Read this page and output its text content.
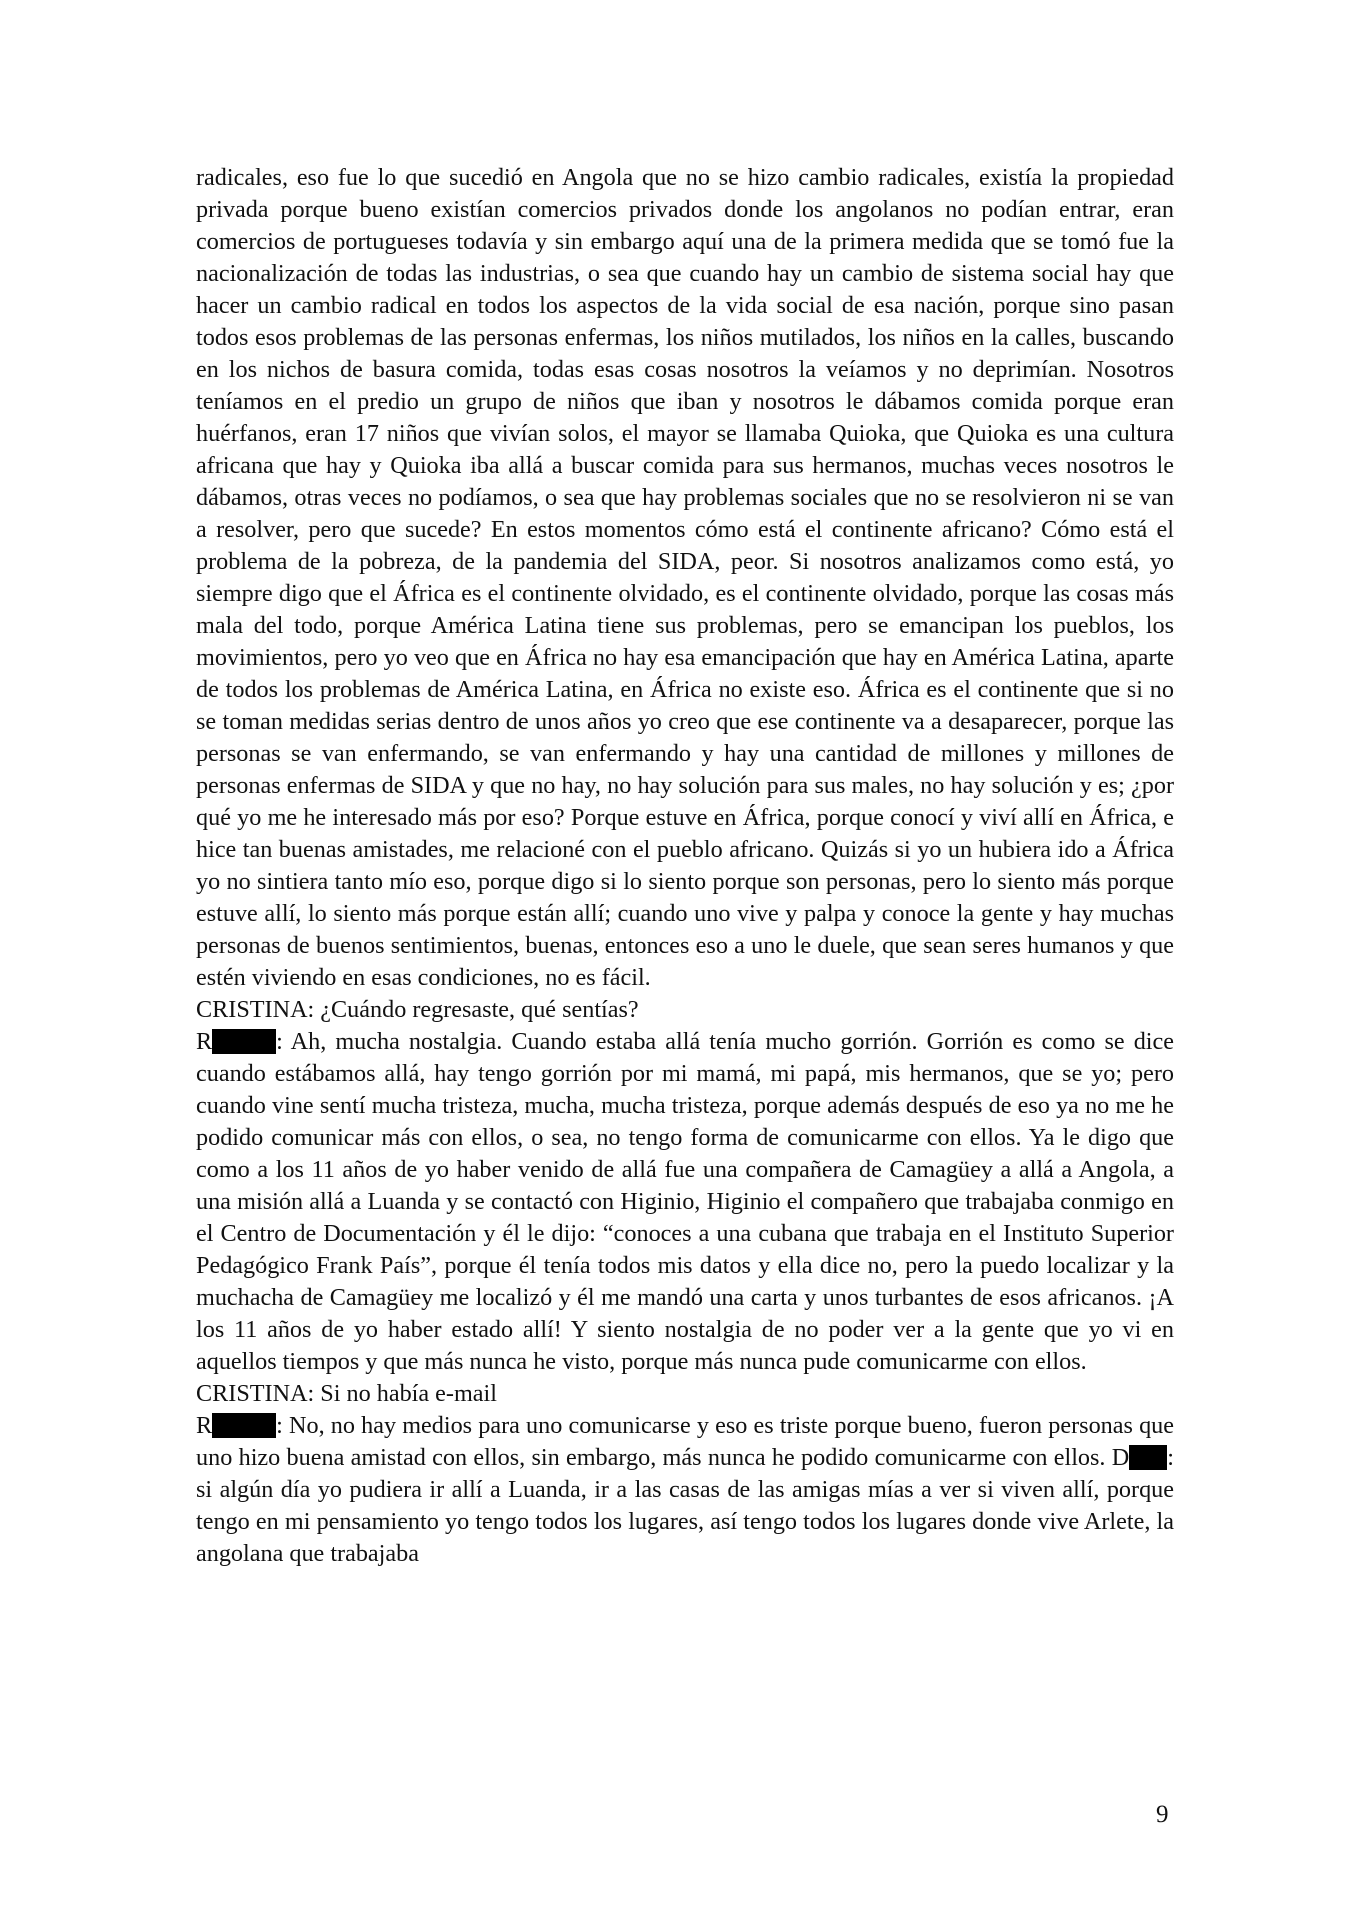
radicales, eso fue lo que sucedió en Angola que no se hizo cambio radicales, existía la propiedad privada porque bueno existían comercios privados donde los angolanos no podían entrar, eran comercios de portugueses todavía y sin embargo aquí una de la primera medida que se tomó fue la nacionalización de todas las industrias, o sea que cuando hay un cambio de sistema social hay que hacer un cambio radical en todos los aspectos de la vida social de esa nación, porque sino pasan todos esos problemas de las personas enfermas, los niños mutilados, los niños en la calles, buscando en los nichos de basura comida, todas esas cosas nosotros la veíamos y no deprimían. Nosotros teníamos en el predio un grupo de niños que iban y nosotros le dábamos comida porque eran huérfanos, eran 17 niños que vivían solos, el mayor se llamaba Quioka, que Quioka es una cultura africana que hay y Quioka iba allá a buscar comida para sus hermanos, muchas veces nosotros le dábamos, otras veces no podíamos, o sea que hay problemas sociales que no se resolvieron ni se van a resolver, pero que sucede? En estos momentos cómo está el continente africano? Cómo está el problema de la pobreza, de la pandemia del SIDA, peor. Si nosotros analizamos como está, yo siempre digo que el África es el continente olvidado, es el continente olvidado, porque las cosas más mala del todo, porque América Latina tiene sus problemas, pero se emancipan los pueblos, los movimientos, pero yo veo que en África no hay esa emancipación que hay en América Latina, aparte de todos los problemas de América Latina, en África no existe eso. África es el continente que si no se toman medidas serias dentro de unos años yo creo que ese continente va a desaparecer, porque las personas se van enfermando, se van enfermando y hay una cantidad de millones y millones de personas enfermas de SIDA y que no hay, no hay solución para sus males, no hay solución y es; ¿por qué yo me he interesado más por eso? Porque estuve en África, porque conocí y viví allí en África, e hice tan buenas amistades, me relacioné con el pueblo africano. Quizás si yo un hubiera ido a África yo no sintiera tanto mío eso, porque digo si lo siento porque son personas, pero lo siento más porque estuve allí, lo siento más porque están allí; cuando uno vive y palpa y conoce la gente y hay muchas personas de buenos sentimientos, buenas, entonces eso a uno le duele, que sean seres humanos y que estén viviendo en esas condiciones, no es fácil.

CRISTINA: ¿Cuándo regresaste, qué sentías?

R	: Ah, mucha nostalgia. Cuando estaba allá tenía mucho gorrión. Gorrión es como se dice cuando estábamos allá, hay tengo gorrión por mi mamá, mi papá, mis hermanos, que se yo; pero cuando vine sentí mucha tristeza, mucha, mucha tristeza, porque además después de eso ya no me he podido comunicar más con ellos, o sea, no tengo forma de comunicarme con ellos. Ya le digo que como a los 11 años de yo haber venido de allá fue una compañera de Camagüey a allá a Angola, a una misión allá a Luanda y se contactó con Higinio, Higinio el compañero que trabajaba conmigo en el Centro de Documentación y él le dijo: “conoces a una cubana que trabaja en el Instituto Superior Pedagógico Frank País”, porque él tenía todos mis datos y ella dice no, pero la puedo localizar y la muchacha de Camagüey me localizó y él me mandó una carta y unos turbantes de esos africanos. ¡A los 11 años de yo haber estado allí! Y siento nostalgia de no poder ver a la gente que yo vi en aquellos tiempos y que más nunca he visto, porque más nunca pude comunicarme con ellos.

CRISTINA: Si no había e-mail

R	: No, no hay medios para uno comunicarse y eso es triste porque bueno, fueron personas que uno hizo buena amistad con ellos, sin embargo, más nunca he podido comunicarme con ellos. D : si algún día yo pudiera ir allí a Luanda, ir a las casas de las amigas mías a ver si viven allí, porque tengo en mi pensamiento yo tengo todos los lugares, así tengo todos los lugares donde vive Arlete, la angolana que trabajaba

9
